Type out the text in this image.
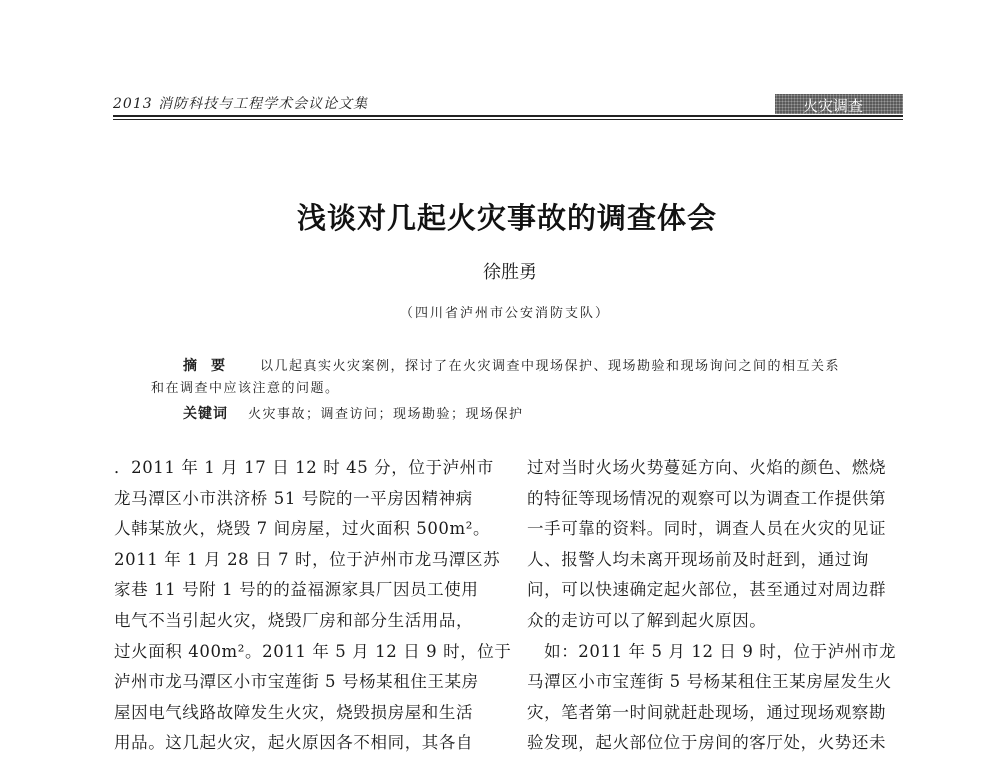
2013 消防科技与工程学术会议论文集	火灾调查
浅谈对几起火灾事故的调查体会
徐胜勇
（四川省泸州市公安消防支队）
摘要 以几起真实火灾案例，探讨了在火灾调查中现场保护、现场勘验和现场询问之间的相互关系
和在调查中应该注意的问题。
关键词 火灾事故；调查访问；现场勘验；现场保护
．2011 年 1 月 17 日 12 时 45 分，位于泸州市
龙马潭区小市洪济桥 51 号院的一平房因精神病
人韩某放火，烧毁 7 间房屋，过火面积 500m²。
2011 年 1 月 28 日 7 时，位于泸州市龙马潭区苏
家巷 11 号附 1 号的的益福源家具厂因员工使用
电气不当引起火灾，烧毁厂房和部分生活用品，
过火面积 400m²。2011 年 5 月 12 日 9 时，位于
泸州市龙马潭区小市宝莲街 5 号杨某租住王某房
屋因电气线路故障发生火灾，烧毁损房屋和生活
用品。这几起火灾，起火原因各不相同，其各自
过对当时火场火势蔓延方向、火焰的颜色、燃烧
的特征等现场情况的观察可以为调查工作提供第
一手可靠的资料。同时，调查人员在火灾的见证
人、报警人均未离开现场前及时赶到，通过询
问，可以快速确定起火部位，甚至通过对周边群
众的走访可以了解到起火原因。
　如：2011 年 5 月 12 日 9 时，位于泸州市龙
马潭区小市宝莲街 5 号杨某租住王某房屋发生火
灾，笔者第一时间就赶赴现场，通过现场观察勘
验发现，起火部位位于房间的客厅处，火势还未
